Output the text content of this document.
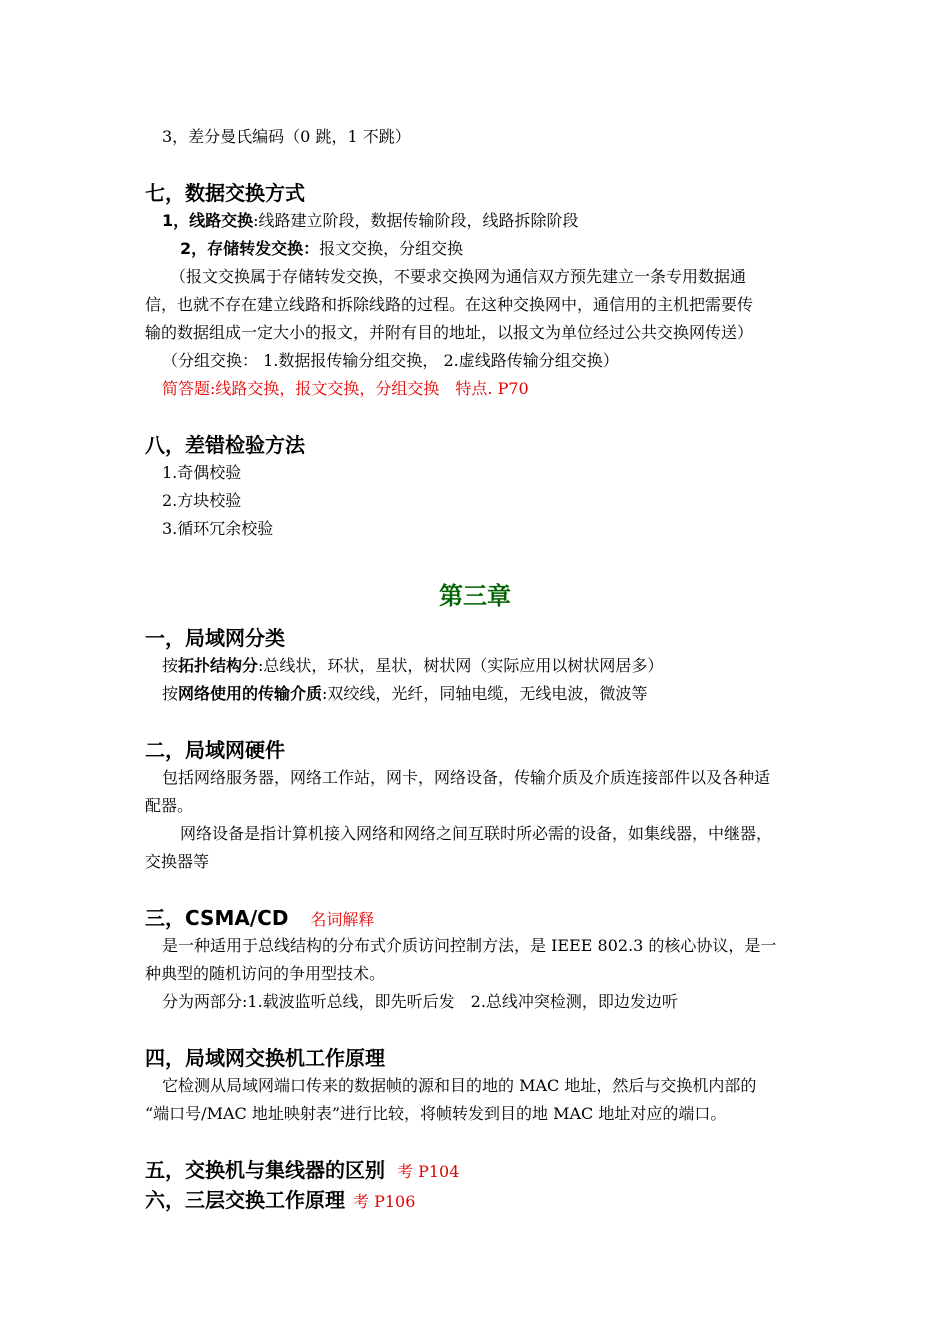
3，差分曼氏编码（0 跳，1 不跳）
七，数据交换方式
1，线路交换:线路建立阶段，数据传输阶段，线路拆除阶段
2，存储转发交换：报文交换，分组交换
（报文交换属于存储转发交换，不要求交换网为通信双方预先建立一条专用数据通
信，也就不存在建立线路和拆除线路的过程。在这种交换网中，通信用的主机把需要传
输的数据组成一定大小的报文，并附有目的地址，以报文为单位经过公共交换网传送）
（分组交换： 1.数据报传输分组交换， 2.虚线路传输分组交换）
简答题:线路交换，报文交换，分组交换　特点. P70
八，差错检验方法
1.奇偶校验
2.方块校验
3.循环冗余校验
第三章
一，局域网分类
按拓扑结构分:总线状，环状，星状，树状网（实际应用以树状网居多）
按网络使用的传输介质:双绞线，光纤，同轴电缆，无线电波，微波等
二，局域网硬件
包括网络服务器，网络工作站，网卡，网络设备，传输介质及介质连接部件以及各种适
配器。
网络设备是指计算机接入网络和网络之间互联时所必需的设备，如集线器，中继器，
交换器等
三，CSMA/CD 名词解释
是一种适用于总线结构的分布式介质访问控制方法，是 IEEE 802.3 的核心协议，是一
种典型的随机访问的争用型技术。
分为两部分:1.载波监听总线，即先听后发　2.总线冲突检测，即边发边听
四，局域网交换机工作原理
它检测从局域网端口传来的数据帧的源和目的地的 MAC 地址，然后与交换机内部的
“端口号/MAC 地址映射表”进行比较，将帧转发到目的地 MAC 地址对应的端口。
五，交换机与集线器的区别 考 P104
六，三层交换工作原理 考 P106
